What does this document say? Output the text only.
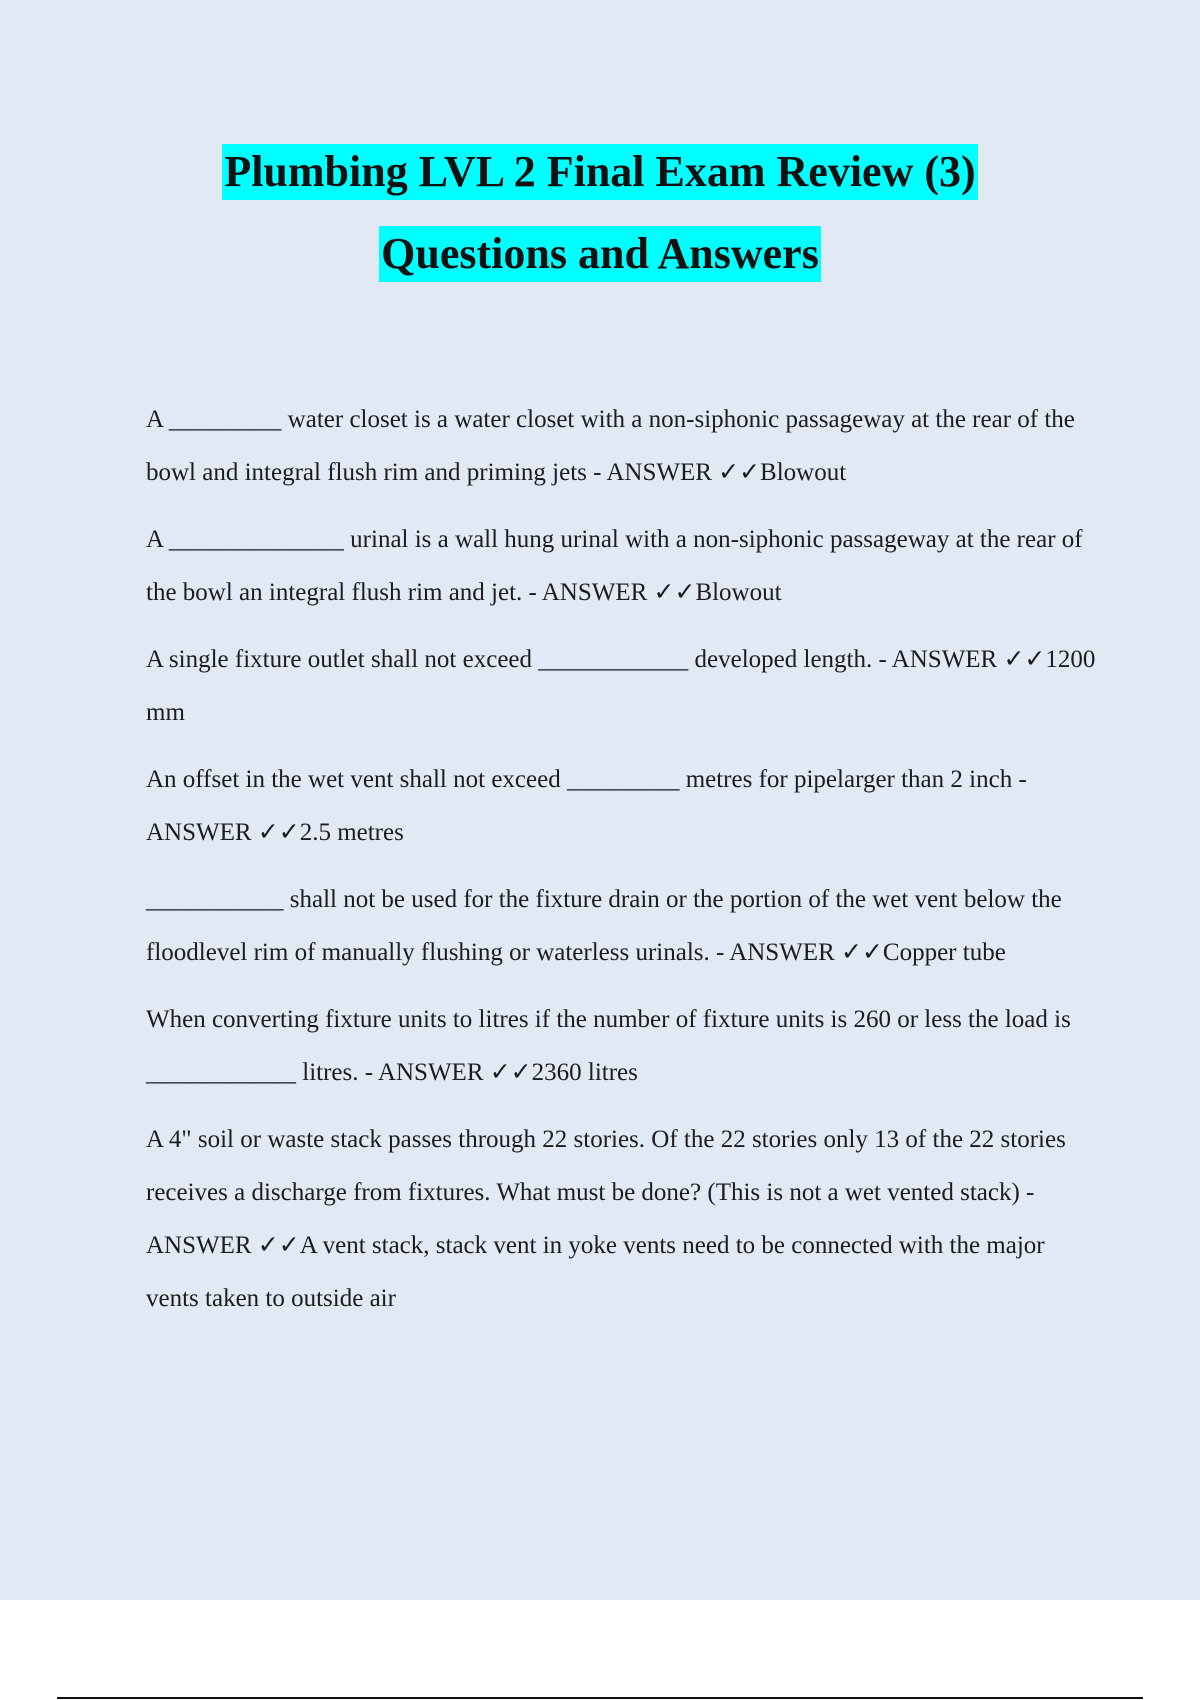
Plumbing LVL 2 Final Exam Review (3)
Questions and Answers

A _________ water closet is a water closet with a non-siphonic passageway at the rear of the bowl and integral flush rim and priming jets - ANSWER ✓✓Blowout

A ______________ urinal is a wall hung urinal with a non-siphonic passageway at the rear of the bowl an integral flush rim and jet. - ANSWER ✓✓Blowout

A single fixture outlet shall not exceed ____________ developed length. - ANSWER ✓✓1200 mm

An offset in the wet vent shall not exceed _________ metres for pipelarger than 2 inch - ANSWER ✓✓2.5 metres

___________ shall not be used for the fixture drain or the portion of the wet vent below the floodlevel rim of manually flushing or waterless urinals. - ANSWER ✓✓Copper tube

When converting fixture units to litres if the number of fixture units is 260 or less the load is ____________ litres. - ANSWER ✓✓2360 litres

A 4" soil or waste stack passes through 22 stories. Of the 22 stories only 13 of the 22 stories receives a discharge from fixtures. What must be done? (This is not a wet vented stack) - ANSWER ✓✓A vent stack, stack vent in yoke vents need to be connected with the major vents taken to outside air
